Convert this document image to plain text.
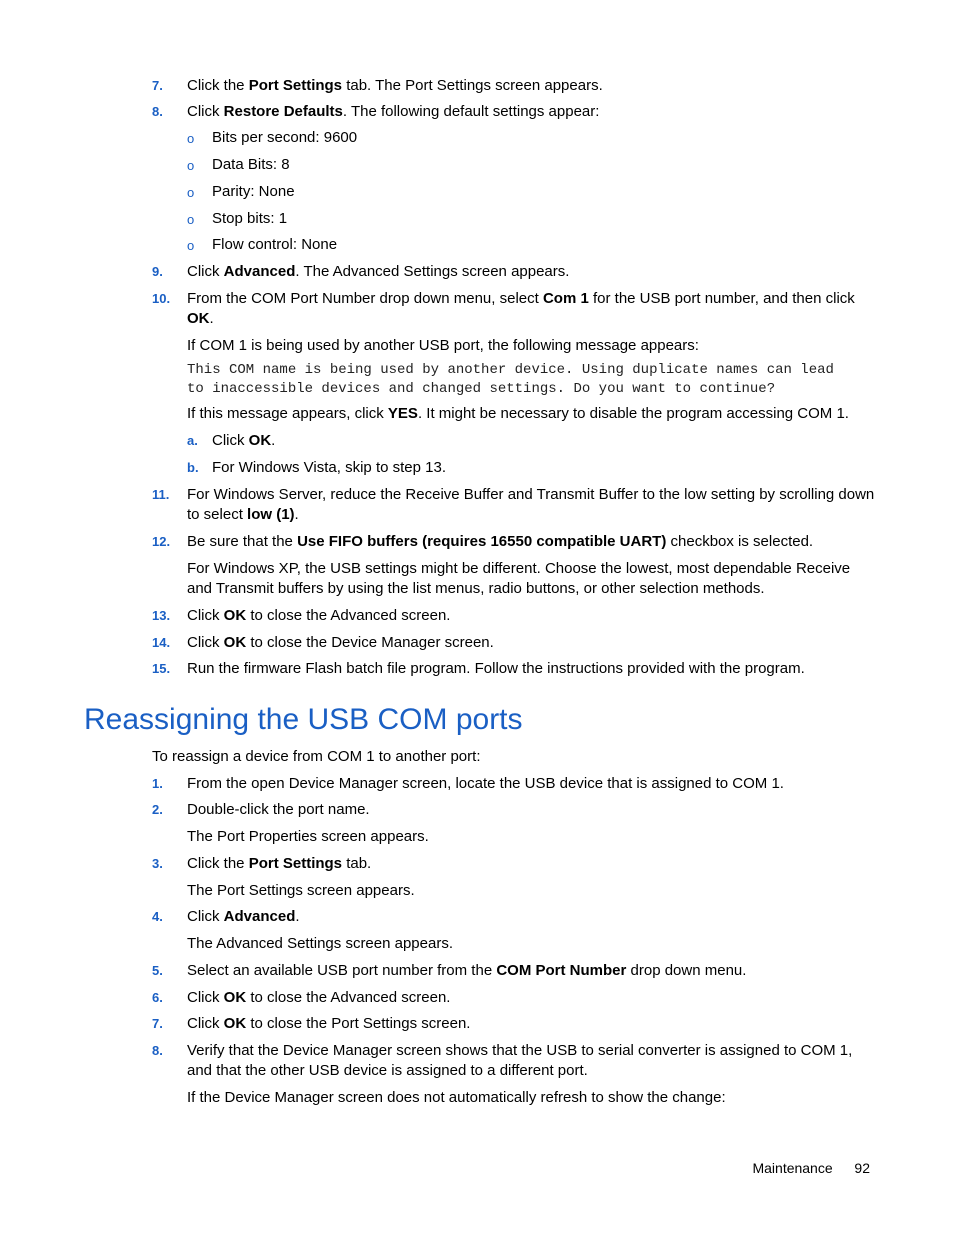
7. Click the Port Settings tab. The Port Settings screen appears.
8. Click Restore Defaults. The following default settings appear:
o Bits per second: 9600
o Data Bits: 8
o Parity: None
o Stop bits: 1
o Flow control: None
9. Click Advanced. The Advanced Settings screen appears.
10. From the COM Port Number drop down menu, select Com 1 for the USB port number, and then click OK.
If COM 1 is being used by another USB port, the following message appears:
This COM name is being used by another device. Using duplicate names can lead
to inaccessible devices and changed settings. Do you want to continue?
If this message appears, click YES. It might be necessary to disable the program accessing COM 1.
a. Click OK.
b. For Windows Vista, skip to step 13.
11. For Windows Server, reduce the Receive Buffer and Transmit Buffer to the low setting by scrolling down to select low (1).
12. Be sure that the Use FIFO buffers (requires 16550 compatible UART) checkbox is selected.
For Windows XP, the USB settings might be different. Choose the lowest, most dependable Receive and Transmit buffers by using the list menus, radio buttons, or other selection methods.
13. Click OK to close the Advanced screen.
14. Click OK to close the Device Manager screen.
15. Run the firmware Flash batch file program. Follow the instructions provided with the program.
Reassigning the USB COM ports
To reassign a device from COM 1 to another port:
1. From the open Device Manager screen, locate the USB device that is assigned to COM 1.
2. Double-click the port name.
The Port Properties screen appears.
3. Click the Port Settings tab.
The Port Settings screen appears.
4. Click Advanced.
The Advanced Settings screen appears.
5. Select an available USB port number from the COM Port Number drop down menu.
6. Click OK to close the Advanced screen.
7. Click OK to close the Port Settings screen.
8. Verify that the Device Manager screen shows that the USB to serial converter is assigned to COM 1, and that the other USB device is assigned to a different port.
If the Device Manager screen does not automatically refresh to show the change:
Maintenance 92
